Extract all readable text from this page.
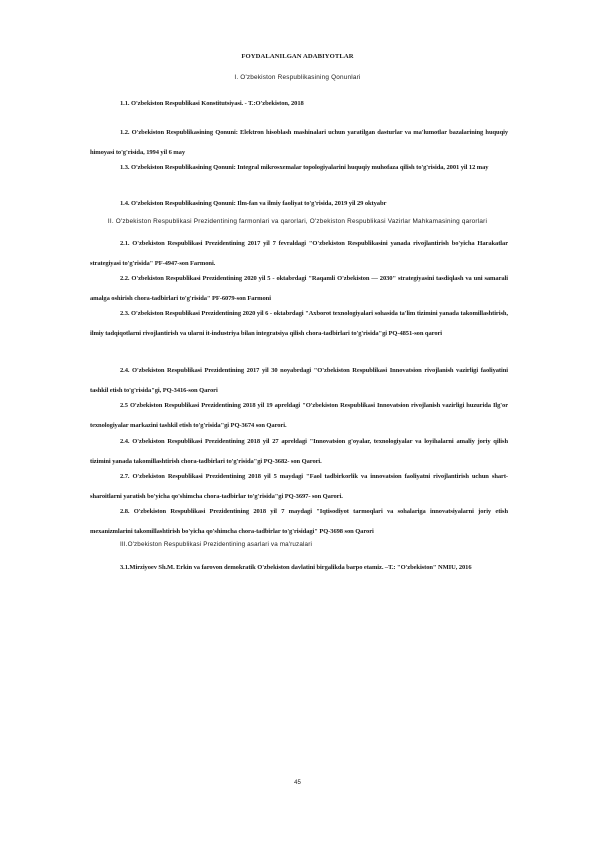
FOYDALANILGAN ADABIYOTLAR
I. O'zbekiston Respublikasining Qonunlari
1.1. O'zbekiston Respublikasi Konstitutsiyasi. - T.:O'zbekiston, 2018
1.2. O'zbekiston Respublikasining Qonuni: Elektron hisoblash mashinalari uchun yaratilgan dasturlar va ma'lumotlar bazalarining huquqiy himoyasi to'g'risida, 1994 yil 6 may
1.3. O'zbekiston Respublikasining Qonuni: Integral mikrosxemalar topologiyalarini huquqiy muhofaza qilish to'g'risida, 2001 yil 12 may
1.4. O'zbekiston Respublikasining Qonuni: Ilm-fan va ilmiy faoliyat to'g'risida, 2019 yil 29 oktyabr
II. O'zbekiston Respublikasi Prezidentining farmonlari va qarorlari, O'zbekiston Respublikasi Vazirlar Mahkamasining qarorlari
2.1. O'zbekiston Respublikasi Prezidentining 2017 yil 7 fevraldagi "O'zbekiston Respublikasini yanada rivojlantirish bo'yicha Harakatlar strategiyasi to'g'risida" PF-4947-son Farmoni.
2.2. O'zbekiston Respublikasi Prezidentining 2020 yil 5 - oktabrdagi "Raqamli O'zbekiston — 2030" strategiyasini tasdiqlash va uni samarali amalga oshirish chora-tadbirlari to'g'risida" PF-6079-son Farmoni
2.3. O'zbekiston Respublikasi Prezidentining 2020 yil 6 - oktabrdagi "Axborot texnologiyalari sohasida ta'lim tizimini yanada takomillashtirish, ilmiy tadqiqotlarni rivojlantirish va ularni it-industriya bilan integratsiya qilish chora-tadbirlari to'g'risida"gi PQ-4851-son qarori
2.4. O'zbekiston Respublikasi Prezidentining 2017 yil 30 noyabrdagi "O'zbekiston Respublikasi Innovatsion rivojlanish vazirligi faoliyatini tashkil etish to'g'risida"gi, PQ-3416-son Qarori
2.5 O'zbekiston Respublikasi Prezidentining 2018 yil 19 apreldagi "O'zbekiston Respublikasi Innovatsion rivojlanish vazirligi huzurida Ilg'or texnologiyalar markazini tashkil etish to'g'risida"gi PQ-3674 son Qarori.
2.4. O'zbekiston Respublikasi Prezidentining 2018 yil 27 apreldagi "Innovatsion g'oyalar, texnologiyalar va loyihalarni amaliy joriy qilish tizimini yanada takomillashtirish chora-tadbirlari to'g'risida"gi PQ-3682- son Qarori.
2.7. O'zbekiston Respublikasi Prezidentining 2018 yil 5 maydagi "Faol tadbirkorlik va innovatsion faoliyatni rivojlantirish uchun shart-sharoitlarni yaratish bo'yicha qo'shimcha chora-tadbirlar to'g'risida"gi PQ-3697- son Qarori.
2.8. O'zbekiston Respublikasi Prezidentining 2018 yil 7 maydagi "Iqtisodiyot tarmoqlari va sohalariga innovatsiyalarni joriy etish mexanizmlarini takomillashtirish bo'yicha qo'shimcha chora-tadbirlar to'g'risidagi" PQ-3698 son Qarori
III.O'zbekiston Respublikasi Prezidentining asarlari va ma'ruzalari
3.1.Mirziyoev Sh.M. Erkin va farovon demokratik O'zbekiston davlatini birgalikda barpo etamiz. –T.: "O'zbekiston" NMIU, 2016
45
